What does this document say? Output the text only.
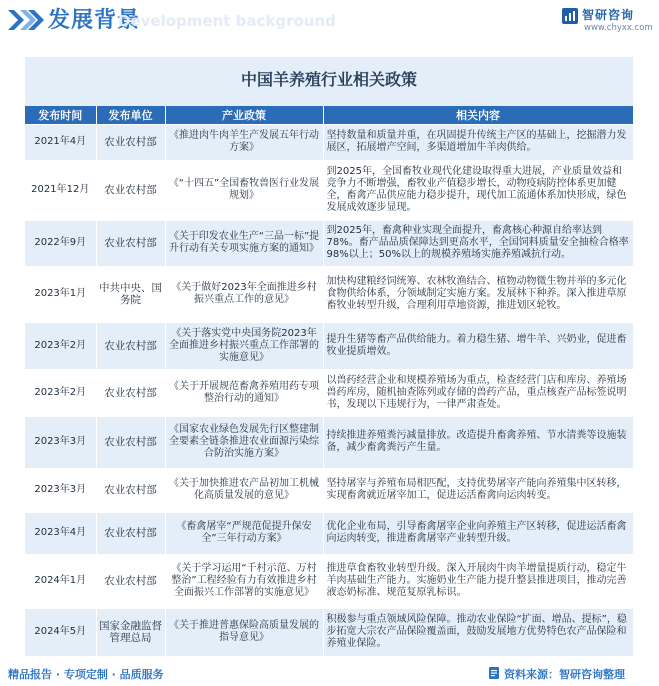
发展背景
Development background	智研咨询
www.chyxx.com
中国羊养殖行业相关政策
发布时间	发布单位	产业政策	相关内容
2021年4月	农业农村部	《推进肉牛肉羊生产发展五年行动方案》	坚持数量和质量并重，在巩固提升传统主产区的基础上，挖掘潜力发展区，拓展增产空间，多渠道增加牛羊肉供给。
2021年12月	农业农村部	《“十四五”全国畜牧兽医行业发展规划》	到2025年，全国畜牧业现代化建设取得重大进展，产业质量效益和竞争力不断增强，畜牧业产值稳步增长，动物疫病防控体系更加健全，畜禽产品供应能力稳步提升，现代加工流通体系加快形成，绿色发展成效逐步显现。
2022年9月	农业农村部	《关于印发农业生产“三品一标”提升行动有关专项实施方案的通知》	到2025年，畜禽种业实现全面提升，畜禽核心种源自给率达到78%。畜产品品质保障达到更高水平，全国饲料质量安全抽检合格率98%以上；50%以上的规模养殖场实施养殖减抗行动。
2023年1月	中共中央、国务院	《关于做好2023年全面推进乡村振兴重点工作的意见》	加快构建粮经饲统筹、农林牧渔结合、植物动物微生物并举的多元化食物供给体系，分领域制定实施方案。发展林下种养。深入推进草原畜牧业转型升级，合理利用草地资源，推进划区轮牧。
2023年2月	农业农村部	《关于落实党中央国务院2023年全面推进乡村振兴重点工作部署的实施意见》	提升生猪等畜产品供给能力。着力稳生猪、增牛羊、兴奶业，促进畜牧业提质增效。
2023年2月	农业农村部	《关于开展规范畜禽养殖用药专项整治行动的通知》	以兽药经营企业和规模养殖场为重点，检查经营门店和库房、养殖场兽药库房，随机抽查陈列或存储的兽药产品，重点核查产品标签说明书，发现以下违规行为，一律严肃查处。
2023年3月	农业农村部	《国家农业绿色发展先行区整建制全要素全链条推进农业面源污染综合防治实施方案》	持续推进养殖粪污减量排放。改造提升畜禽养殖、节水清粪等设施装备，减少畜禽粪污产生量。
2023年3月	农业农村部	《关于加快推进农产品初加工机械化高质量发展的意见》	坚持屠宰与养殖布局相匹配，支持优势屠宰产能向养殖集中区转移，实现畜禽就近屠宰加工，促进运活畜禽向运肉转变。
2023年4月	农业农村部	《畜禽屠宰“严规范促提升保安全”三年行动方案》	优化企业布局，引导畜禽屠宰企业向养殖主产区转移，促进运活畜禽向运肉转变，推进畜禽屠宰产业转型升级。
2024年1月	农业农村部	《关于学习运用“千村示范、万村整治”工程经验有力有效推进乡村全面振兴工作部署的实施意见》	推进草食畜牧业转型升级。深入开展肉牛肉羊增量提质行动，稳定牛羊肉基础生产能力。实施奶业生产能力提升整县推进项目，推动完善液态奶标准、规范复原乳标识。
2024年5月	国家金融监督管理总局	《关于推进普惠保险高质量发展的指导意见》	积极参与重点领域风险保障。推动农业保险“扩面、增品、提标”，稳步拓宽大宗农产品保险覆盖面，鼓励发展地方优势特色农产品保险和养殖业保险。
精品报告 · 专项定制 · 品质服务	资料来源：智研咨询整理
